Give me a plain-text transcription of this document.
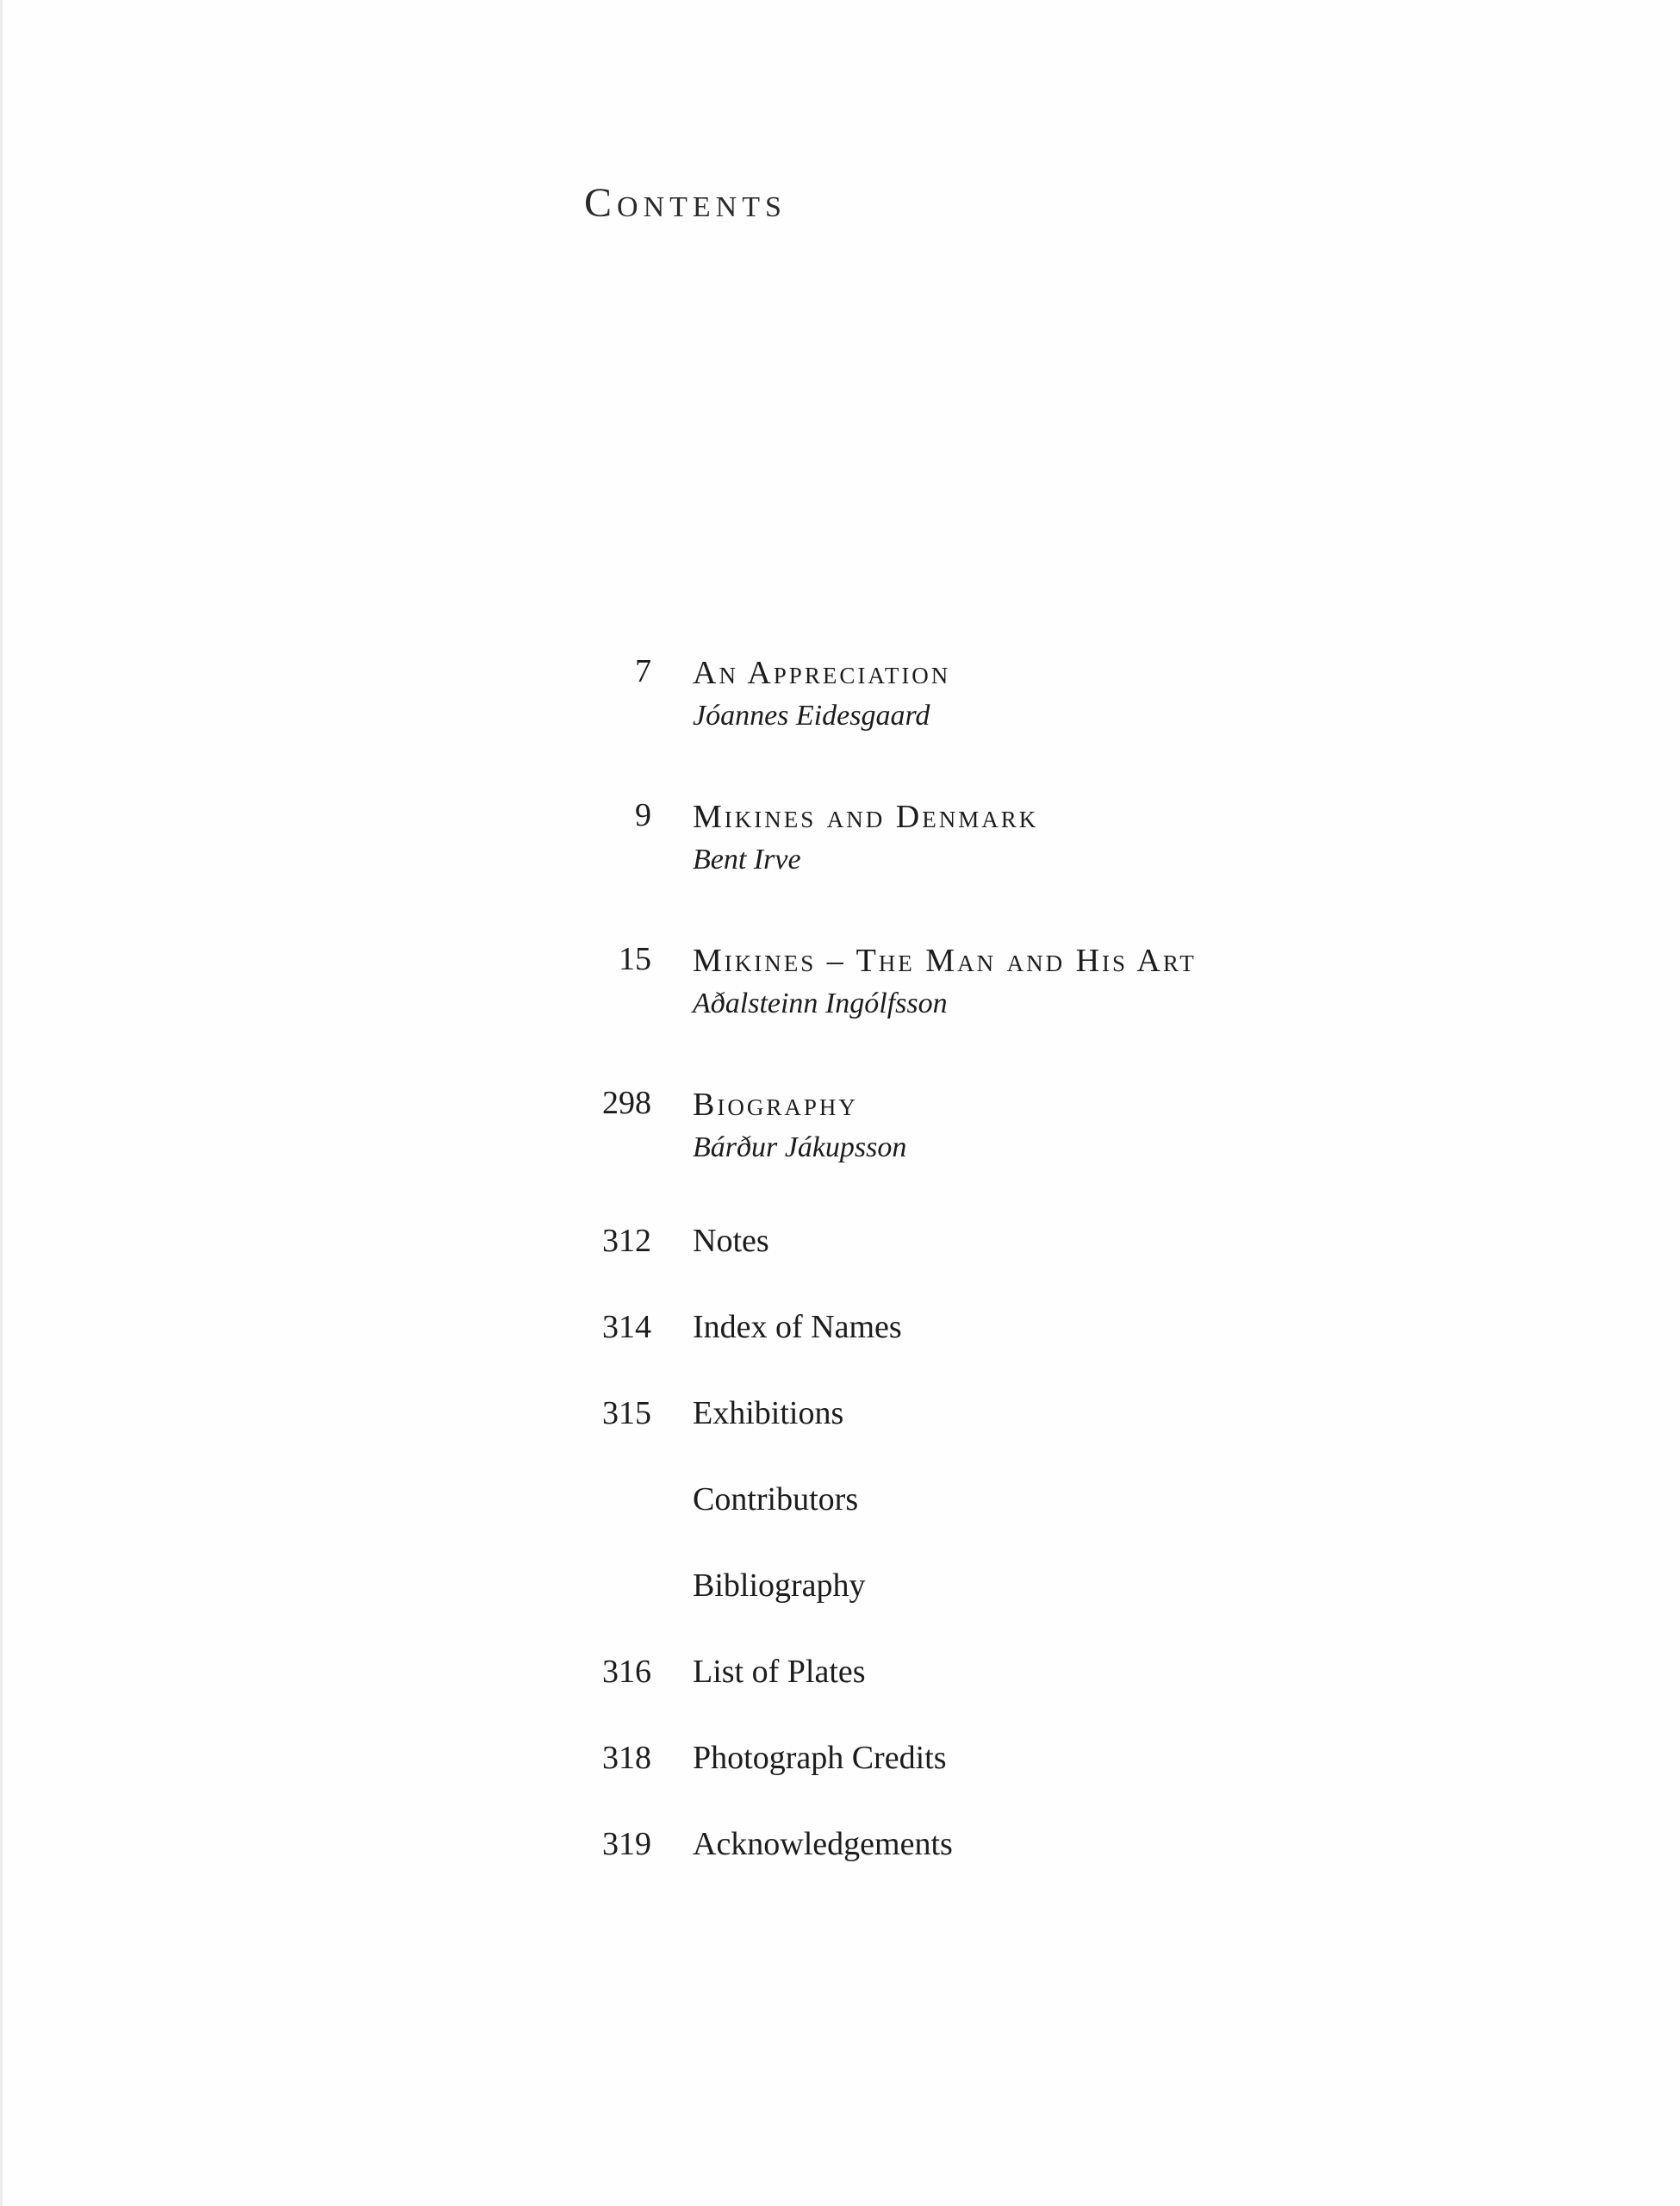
Contents
7 An Appreciation
Jóannes Eidesgaard
9 Mikines and Denmark
Bent Irve
15 Mikines – The Man and His Art
Aðalsteinn Ingólfsson
298 Biography
Bárður Jákupsson
312 Notes
314 Index of Names
315 Exhibitions
Contributors
Bibliography
316 List of Plates
318 Photograph Credits
319 Acknowledgements
